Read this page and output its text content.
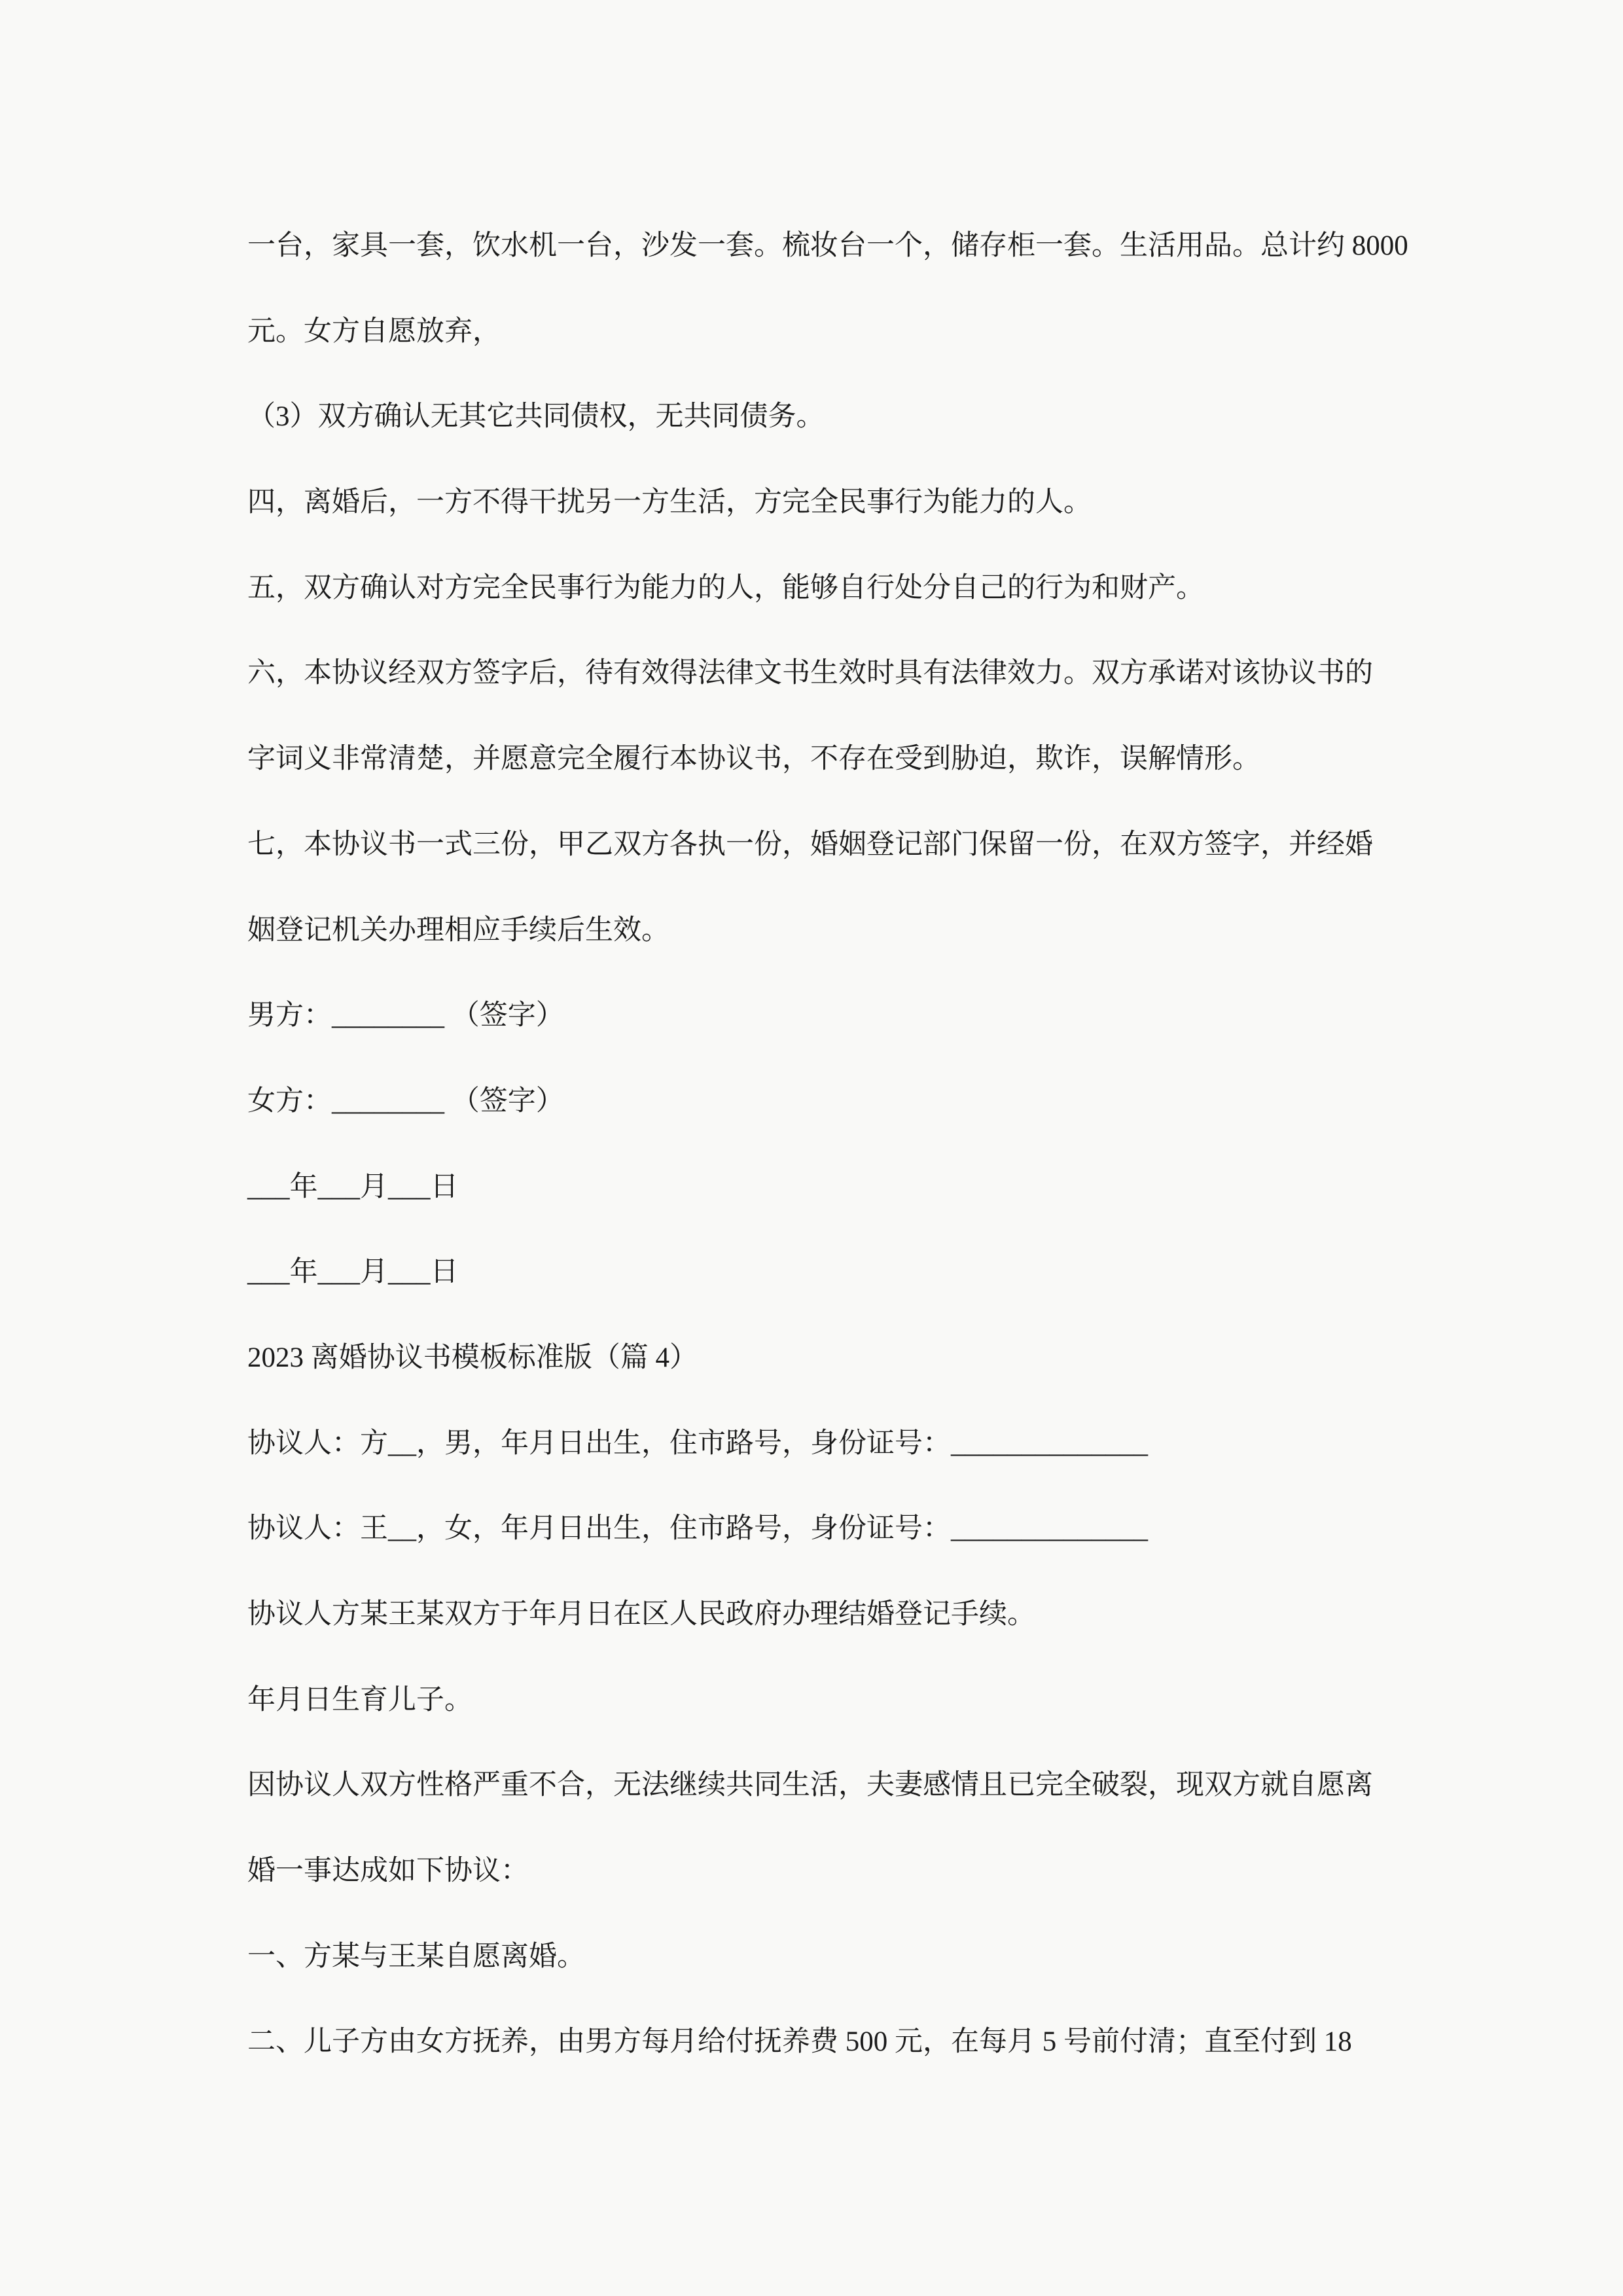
一台，家具一套，饮水机一台，沙发一套。梳妆台一个，储存柜一套。生活用品。总计约 8000
元。女方自愿放弃，
（3）双方确认无其它共同债权，无共同债务。
四，离婚后，一方不得干扰另一方生活，方完全民事行为能力的人。
五，双方确认对方完全民事行为能力的人，能够自行处分自己的行为和财产。
六，本协议经双方签字后，待有效得法律文书生效时具有法律效力。双方承诺对该协议书的
字词义非常清楚，并愿意完全履行本协议书，不存在受到胁迫，欺诈，误解情形。
七，本协议书一式三份，甲乙双方各执一份，婚姻登记部门保留一份，在双方签字，并经婚
姻登记机关办理相应手续后生效。
男方：________ （签字）
女方：________ （签字）
___年___月___日
___年___月___日
2023 离婚协议书模板标准版（篇 4）
协议人：方__，男，年月日出生，住市路号，身份证号：______________
协议人：王__，女，年月日出生，住市路号，身份证号：______________
协议人方某王某双方于年月日在区人民政府办理结婚登记手续。
年月日生育儿子。
因协议人双方性格严重不合，无法继续共同生活，夫妻感情且已完全破裂，现双方就自愿离
婚一事达成如下协议：
一、方某与王某自愿离婚。
二、儿子方由女方抚养，由男方每月给付抚养费 500 元，在每月 5 号前付清；直至付到 18
